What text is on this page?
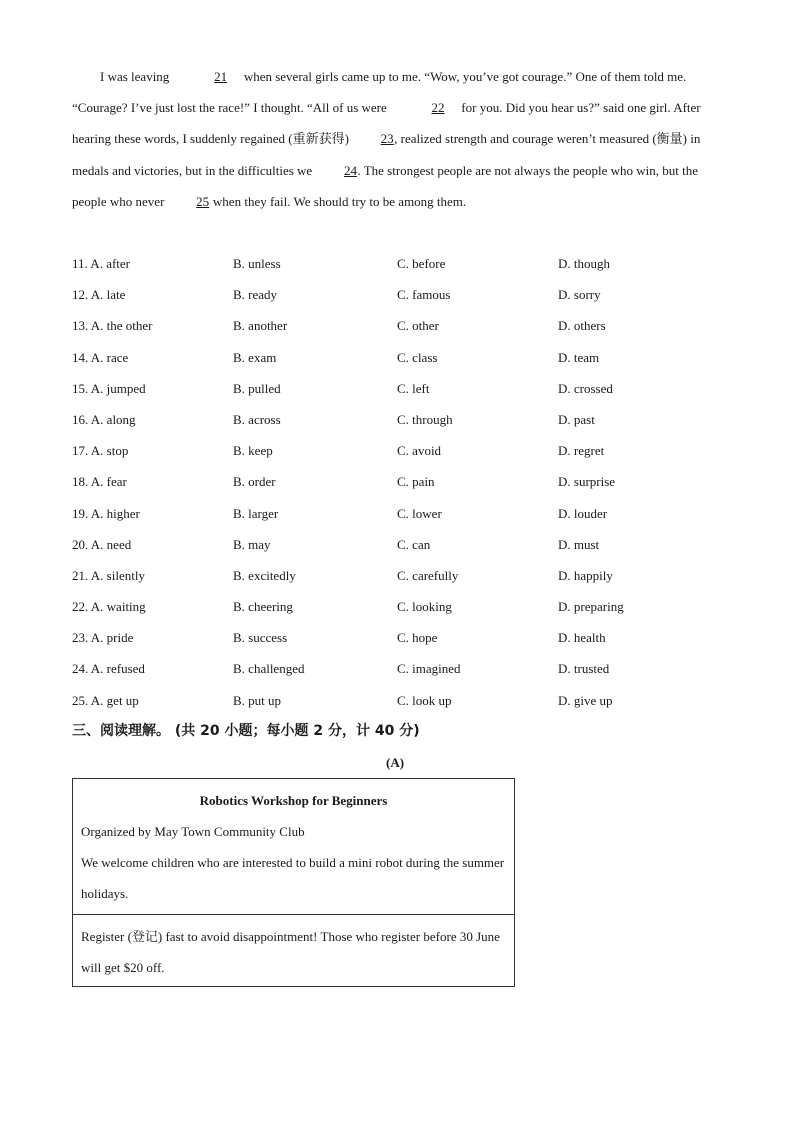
I was leaving	21 when several girls came up to me. “Wow, you’ve got courage.” One of them told me. “Courage? I’ve just lost the race!” I thought. “All of us were	22 for you. Did you hear us?” said one girl. After hearing these words, I suddenly regained (重新获得) 23, realized strength and courage weren’t measured (衡量) in medals and victories, but in the difficulties we 24. The strongest people are not always the people who win, but the people who never 25 when they fail. We should try to be among them.

11. A. after	B. unless	C. before	D. though
12. A. late	B. ready	C. famous	D. sorry
13. A. the other	B. another	C. other	D. others
14. A. race	B. exam	C. class	D. team
15. A. jumped	B. pulled	C. left	D. crossed
16. A. along	B. across	C. through	D. past
17. A. stop	B. keep	C. avoid	D. regret
18. A. fear	B. order	C. pain	D. surprise
19. A. higher	B. larger	C. lower	D. louder
20. A. need	B. may	C. can	D. must
21. A. silently	B. excitedly	C. carefully	D. happily
22. A. waiting	B. cheering	C. looking	D. preparing
23. A. pride	B. success	C. hope	D. health
24. A. refused	B. challenged	C. imagined	D. trusted
25. A. get up	B. put up	C. look up	D. give up
三、阅读理解。 (共 20 小题；每小题 2 分，计 40 分)
(A)
Robotics Workshop for Beginners
Organized by May Town Community Club
We welcome children who are interested to build a mini robot during the summer holidays.
Register (登记) fast to avoid disappointment! Those who register before 30 June will get $20 off.
